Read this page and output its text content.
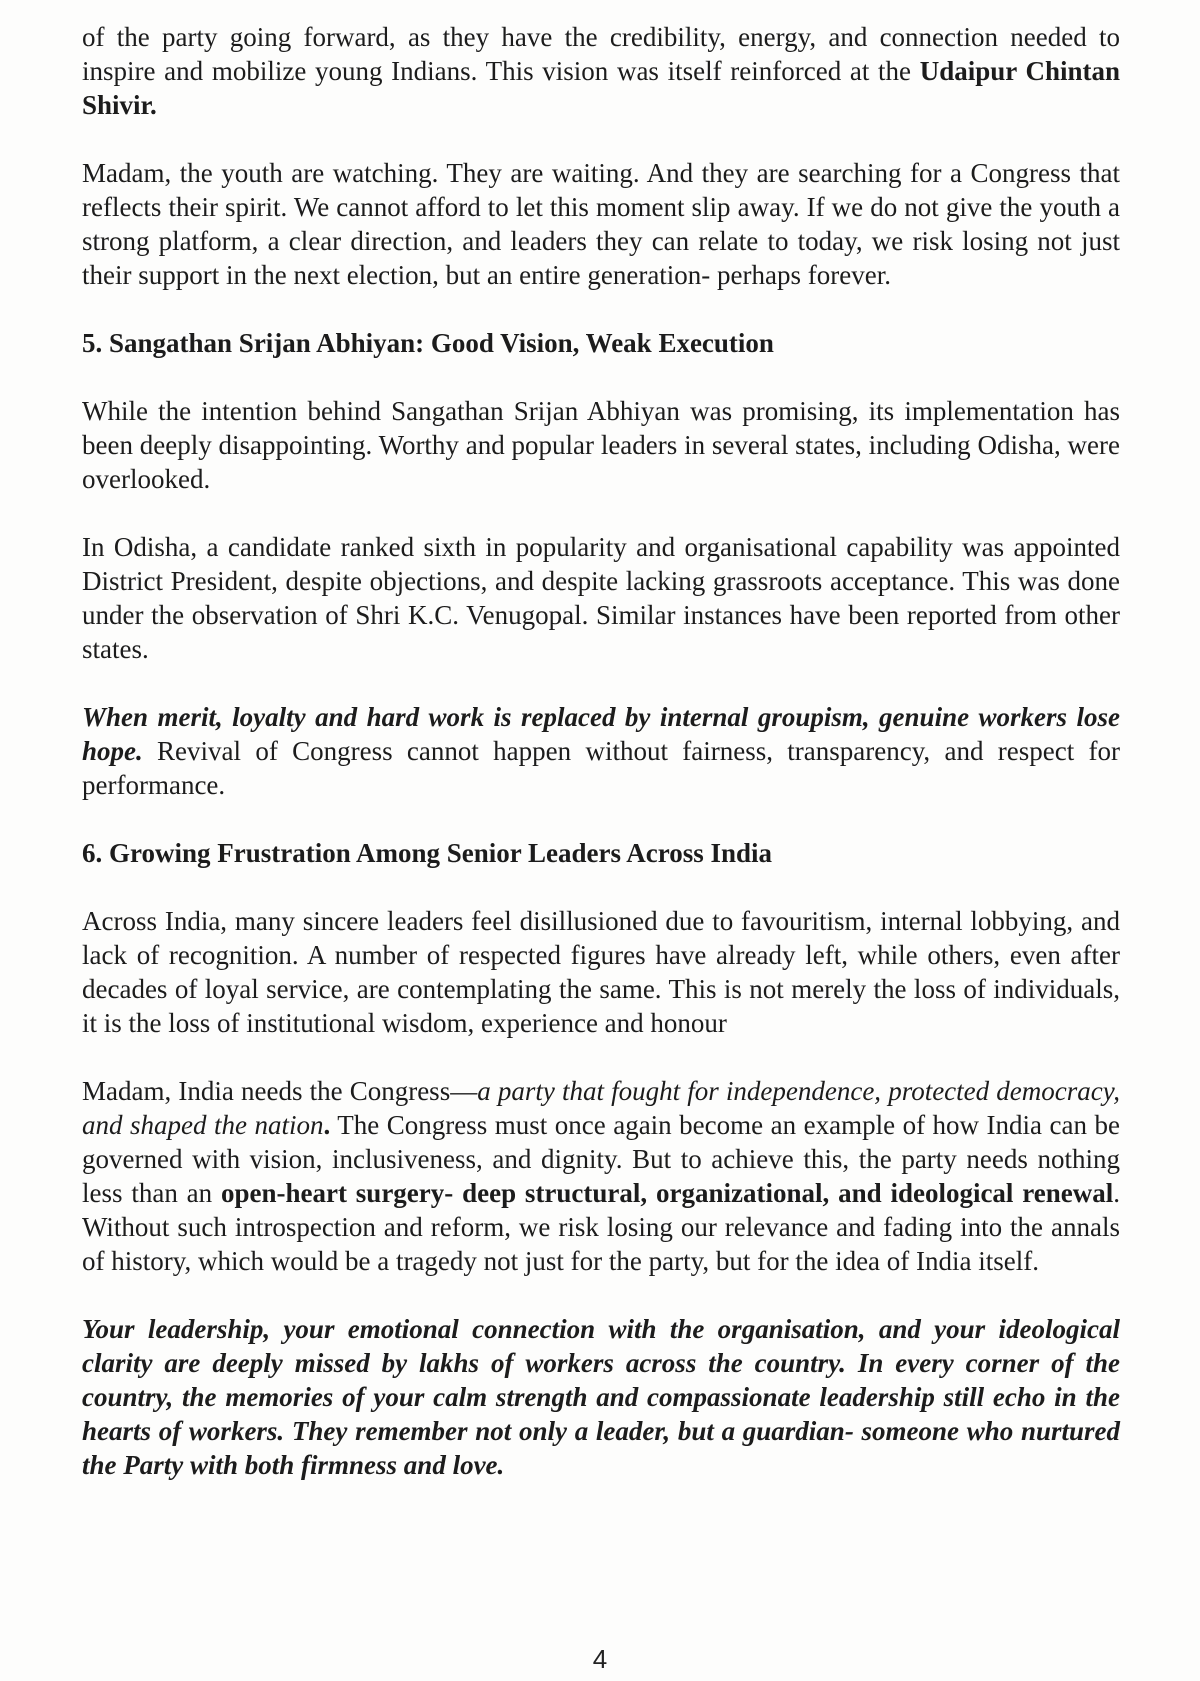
of the party going forward, as they have the credibility, energy, and connection needed to inspire and mobilize young Indians. This vision was itself reinforced at the Udaipur Chintan Shivir.

Madam, the youth are watching. They are waiting. And they are searching for a Congress that reflects their spirit. We cannot afford to let this moment slip away. If we do not give the youth a strong platform, a clear direction, and leaders they can relate to today, we risk losing not just their support in the next election, but an entire generation- perhaps forever.

5. Sangathan Srijan Abhiyan: Good Vision, Weak Execution

While the intention behind Sangathan Srijan Abhiyan was promising, its implementation has been deeply disappointing. Worthy and popular leaders in several states, including Odisha, were overlooked.

In Odisha, a candidate ranked sixth in popularity and organisational capability was appointed District President, despite objections, and despite lacking grassroots acceptance. This was done under the observation of Shri K.C. Venugopal. Similar instances have been reported from other states.

When merit, loyalty and hard work is replaced by internal groupism, genuine workers lose hope. Revival of Congress cannot happen without fairness, transparency, and respect for performance.

6. Growing Frustration Among Senior Leaders Across India

Across India, many sincere leaders feel disillusioned due to favouritism, internal lobbying, and lack of recognition. A number of respected figures have already left, while others, even after decades of loyal service, are contemplating the same. This is not merely the loss of individuals, it is the loss of institutional wisdom, experience and honour

Madam, India needs the Congress—a party that fought for independence, protected democracy, and shaped the nation. The Congress must once again become an example of how India can be governed with vision, inclusiveness, and dignity. But to achieve this, the party needs nothing less than an open-heart surgery- deep structural, organizational, and ideological renewal. Without such introspection and reform, we risk losing our relevance and fading into the annals of history, which would be a tragedy not just for the party, but for the idea of India itself.

Your leadership, your emotional connection with the organisation, and your ideological clarity are deeply missed by lakhs of workers across the country. In every corner of the country, the memories of your calm strength and compassionate leadership still echo in the hearts of workers. They remember not only a leader, but a guardian- someone who nurtured the Party with both firmness and love.

4
